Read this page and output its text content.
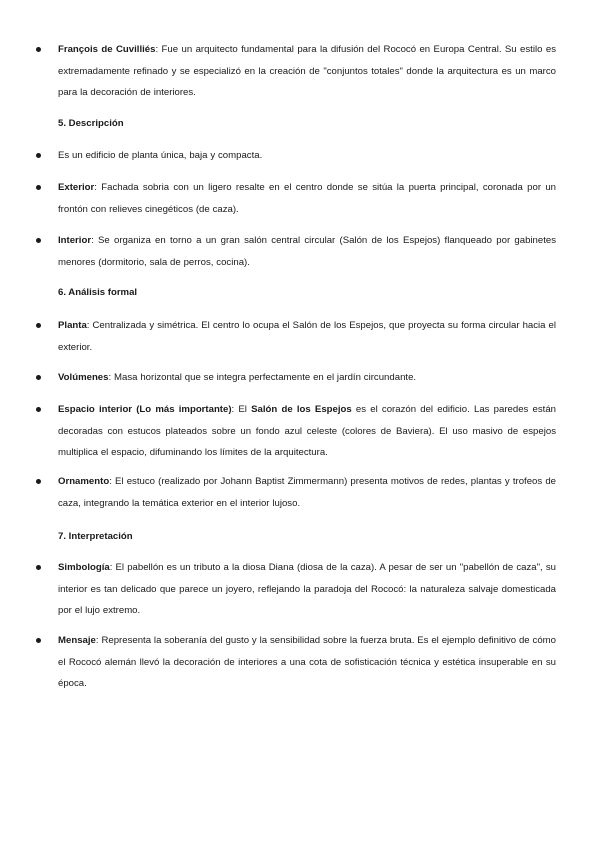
François de Cuvilliés: Fue un arquitecto fundamental para la difusión del Rococó en Europa Central. Su estilo es extremadamente refinado y se especializó en la creación de "conjuntos totales" donde la arquitectura es un marco para la decoración de interiores.
5. Descripción
Es un edificio de planta única, baja y compacta.
Exterior: Fachada sobria con un ligero resalte en el centro donde se sitúa la puerta principal, coronada por un frontón con relieves cinegéticos (de caza).
Interior: Se organiza en torno a un gran salón central circular (Salón de los Espejos) flanqueado por gabinetes menores (dormitorio, sala de perros, cocina).
6. Análisis formal
Planta: Centralizada y simétrica. El centro lo ocupa el Salón de los Espejos, que proyecta su forma circular hacia el exterior.
Volúmenes: Masa horizontal que se integra perfectamente en el jardín circundante.
Espacio interior (Lo más importante): El Salón de los Espejos es el corazón del edificio. Las paredes están decoradas con estucos plateados sobre un fondo azul celeste (colores de Baviera). El uso masivo de espejos multiplica el espacio, difuminando los límites de la arquitectura.
Ornamento: El estuco (realizado por Johann Baptist Zimmermann) presenta motivos de redes, plantas y trofeos de caza, integrando la temática exterior en el interior lujoso.
7. Interpretación
Simbología: El pabellón es un tributo a la diosa Diana (diosa de la caza). A pesar de ser un "pabellón de caza", su interior es tan delicado que parece un joyero, reflejando la paradoja del Rococó: la naturaleza salvaje domesticada por el lujo extremo.
Mensaje: Representa la soberanía del gusto y la sensibilidad sobre la fuerza bruta. Es el ejemplo definitivo de cómo el Rococó alemán llevó la decoración de interiores a una cota de sofisticación técnica y estética insuperable en su época.
